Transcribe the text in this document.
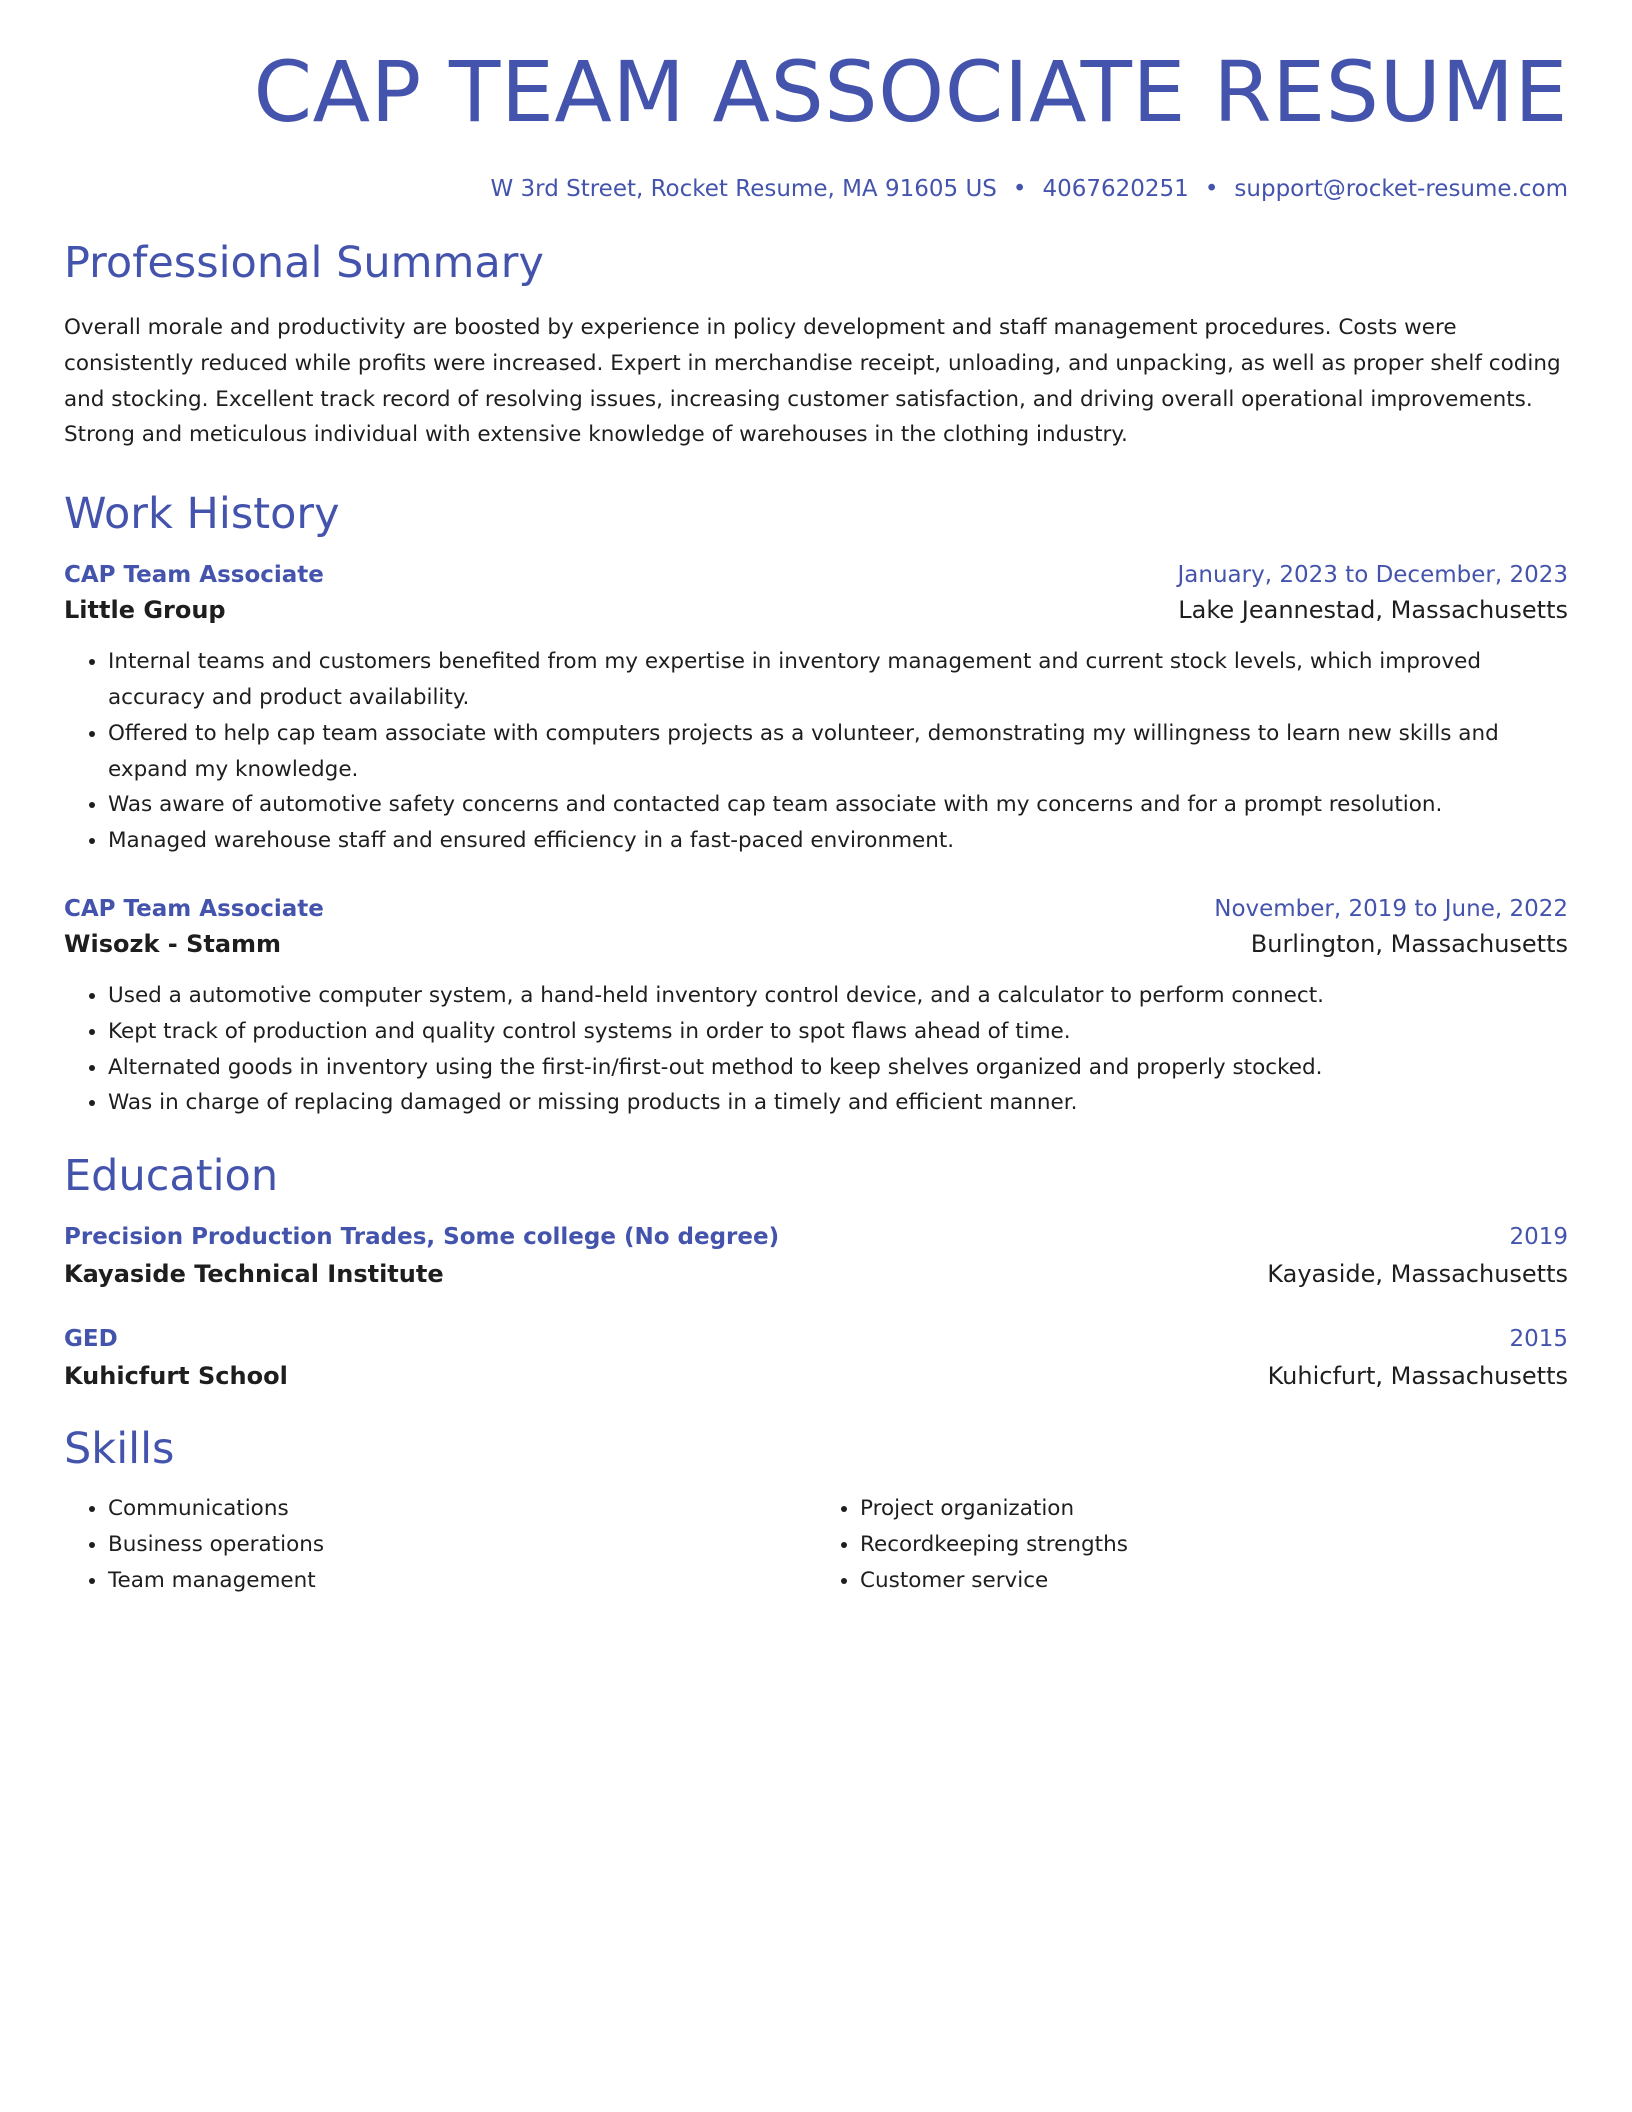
CAP TEAM ASSOCIATE RESUME
W 3rd Street, Rocket Resume, MA 91605 US • 4067620251 • support@rocket-resume.com
Professional Summary
Overall morale and productivity are boosted by experience in policy development and staff management procedures. Costs were consistently reduced while profits were increased. Expert in merchandise receipt, unloading, and unpacking, as well as proper shelf coding and stocking. Excellent track record of resolving issues, increasing customer satisfaction, and driving overall operational improvements. Strong and meticulous individual with extensive knowledge of warehouses in the clothing industry.
Work History
CAP Team Associate	January, 2023 to December, 2023
Little Group	Lake Jeannestad, Massachusetts
• Internal teams and customers benefited from my expertise in inventory management and current stock levels, which improved accuracy and product availability.
• Offered to help cap team associate with computers projects as a volunteer, demonstrating my willingness to learn new skills and expand my knowledge.
• Was aware of automotive safety concerns and contacted cap team associate with my concerns and for a prompt resolution.
• Managed warehouse staff and ensured efficiency in a fast-paced environment.
CAP Team Associate	November, 2019 to June, 2022
Wisozk - Stamm	Burlington, Massachusetts
• Used a automotive computer system, a hand-held inventory control device, and a calculator to perform connect.
• Kept track of production and quality control systems in order to spot flaws ahead of time.
• Alternated goods in inventory using the first-in/first-out method to keep shelves organized and properly stocked.
• Was in charge of replacing damaged or missing products in a timely and efficient manner.
Education
Precision Production Trades, Some college (No degree)	2019
Kayaside Technical Institute	Kayaside, Massachusetts
GED	2015
Kuhicfurt School	Kuhicfurt, Massachusetts
Skills
• Communications
• Business operations
• Team management
• Project organization
• Recordkeeping strengths
• Customer service
